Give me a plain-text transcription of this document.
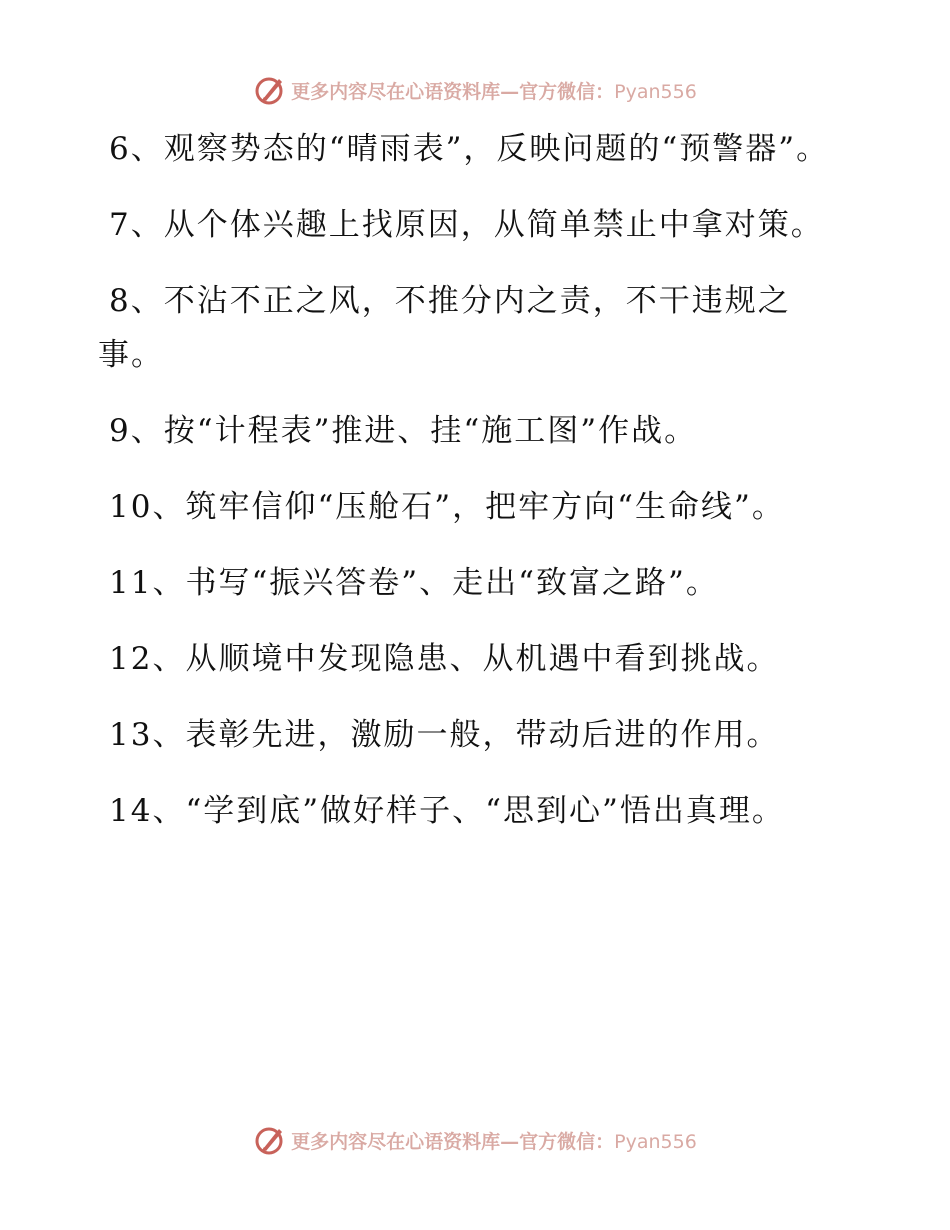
更多内容尽在心语资料库—官方微信：Pyan556

6、观察势态的“晴雨表”，反映问题的“预警器”。

7、从个体兴趣上找原因，从简单禁止中拿对策。

8、不沾不正之风，不推分内之责，不干违规之事。

9、按“计程表”推进、挂“施工图”作战。

10、筑牢信仰“压舱石”，把牢方向“生命线”。

11、书写“振兴答卷”、走出“致富之路”。

12、从顺境中发现隐患、从机遇中看到挑战。

13、表彰先进，激励一般，带动后进的作用。

14、“学到底”做好样子、“思到心”悟出真理。

更多内容尽在心语资料库—官方微信：Pyan556
